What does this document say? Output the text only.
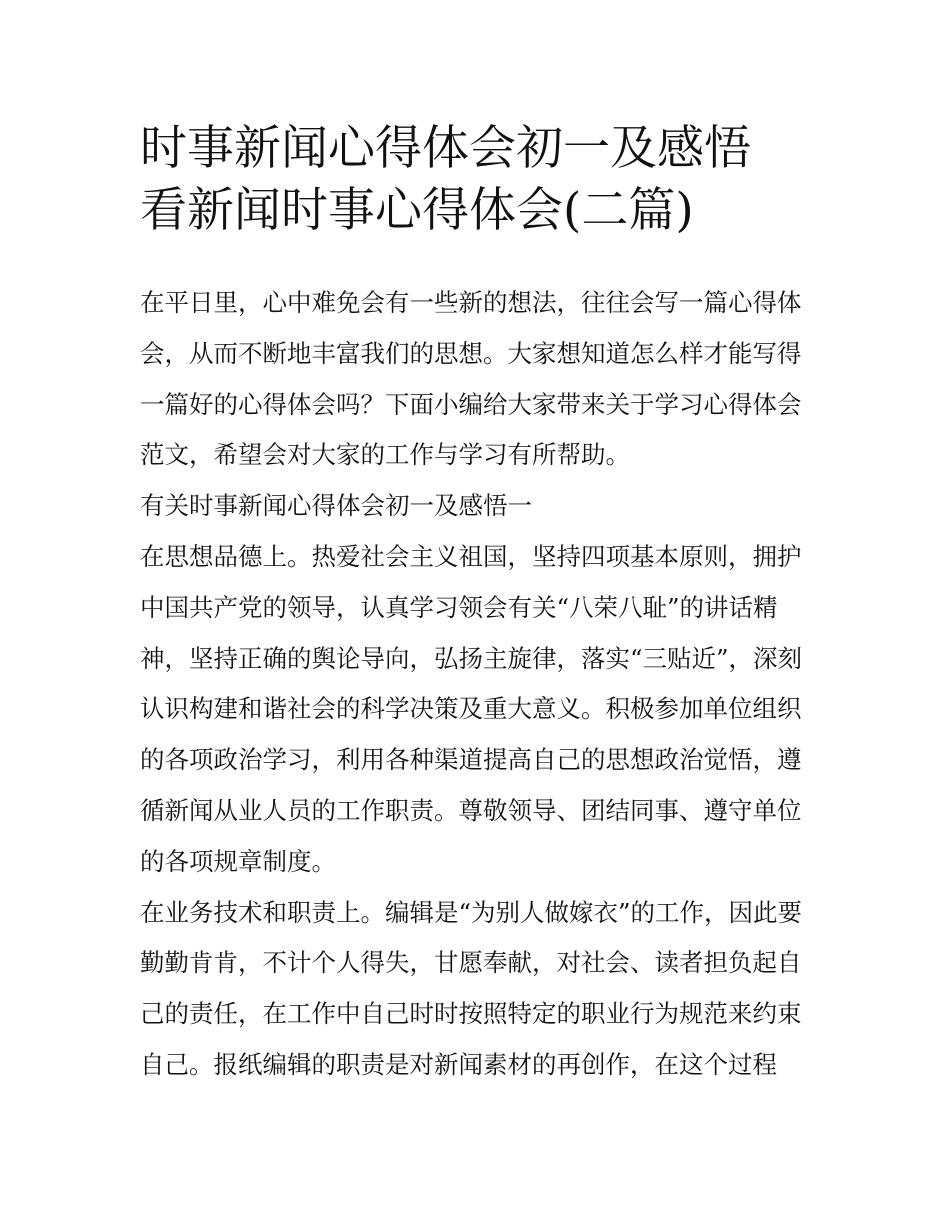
时事新闻心得体会初一及感悟
看新闻时事心得体会(二篇)
在平日里，心中难免会有一些新的想法，往往会写一篇心得体
会，从而不断地丰富我们的思想。大家想知道怎么样才能写得
一篇好的心得体会吗？下面小编给大家带来关于学习心得体会
范文，希望会对大家的工作与学习有所帮助。
有关时事新闻心得体会初一及感悟一
在思想品德上。热爱社会主义祖国，坚持四项基本原则，拥护
中国共产党的领导，认真学习领会有关“八荣八耻”的讲话精
神，坚持正确的舆论导向，弘扬主旋律，落实“三贴近”，深刻
认识构建和谐社会的科学决策及重大意义。积极参加单位组织
的各项政治学习，利用各种渠道提高自己的思想政治觉悟，遵
循新闻从业人员的工作职责。尊敬领导、团结同事、遵守单位
的各项规章制度。
在业务技术和职责上。编辑是“为别人做嫁衣”的工作，因此要
勤勤肯肯，不计个人得失，甘愿奉献，对社会、读者担负起自
己的责任，在工作中自己时时按照特定的职业行为规范来约束
自己。报纸编辑的职责是对新闻素材的再创作，在这个过程
